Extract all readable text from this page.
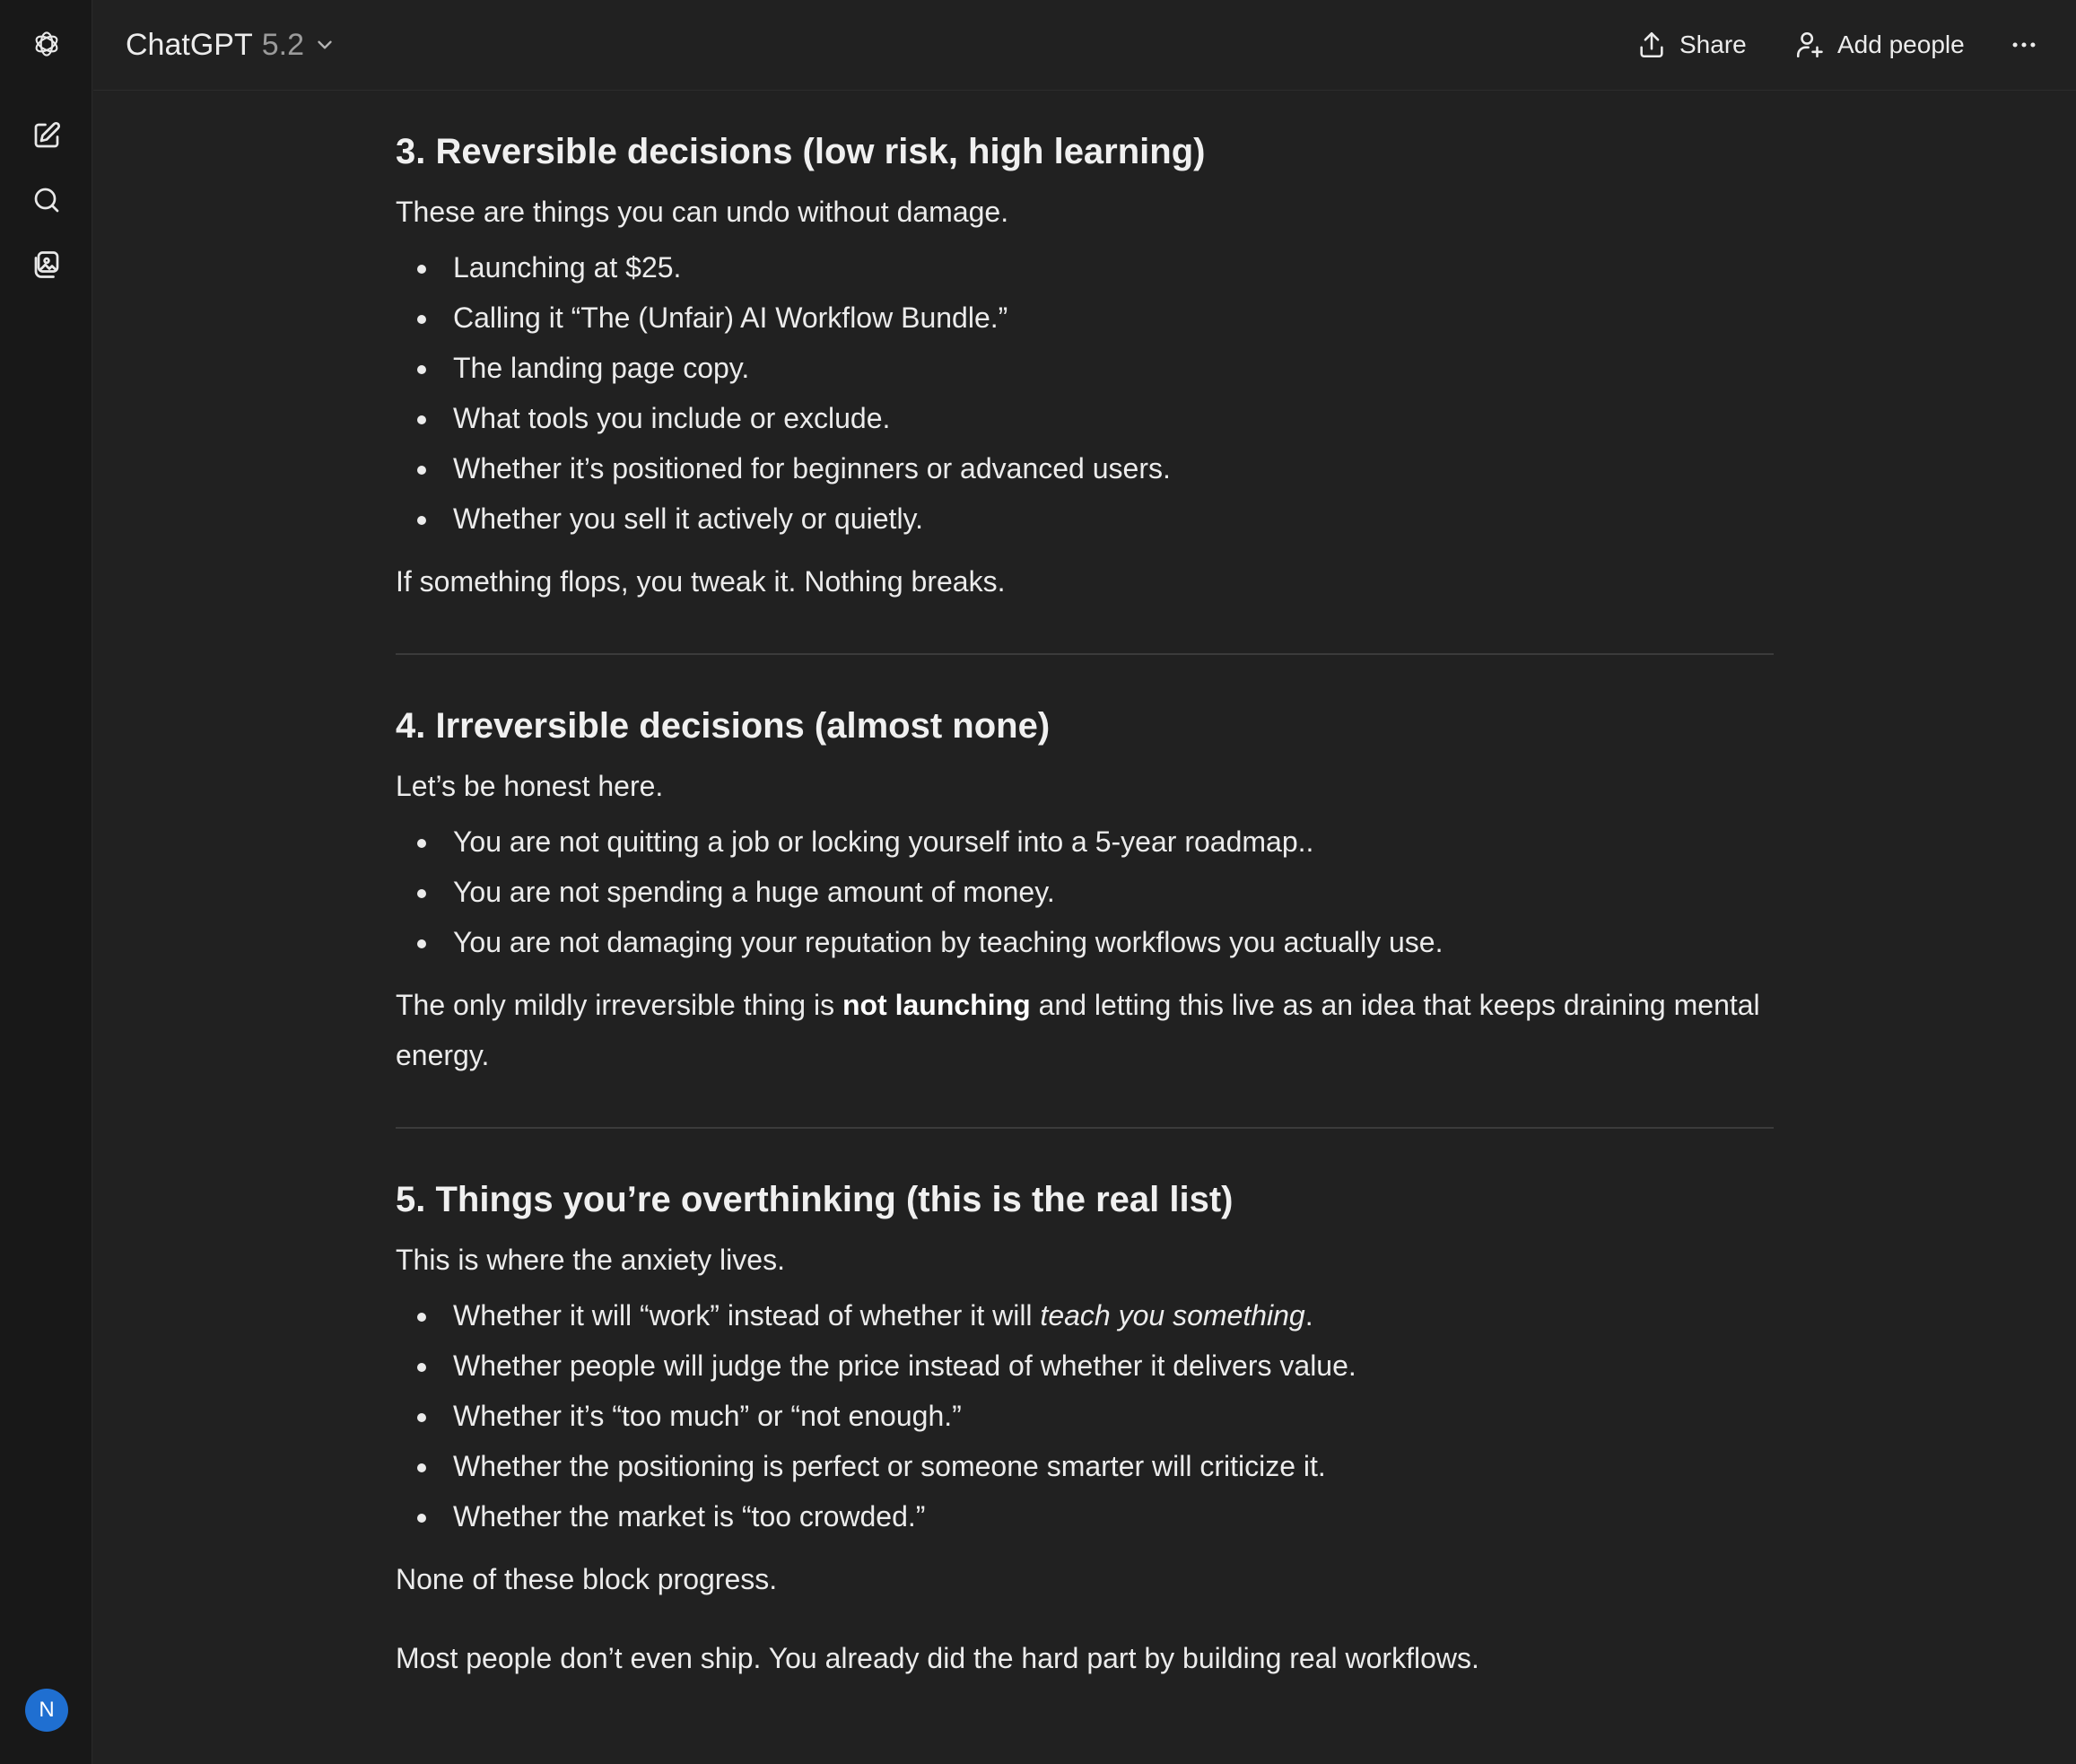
N
ChatGPT 5.2	Share	Add people
3. Reversible decisions (low risk, high learning)

These are things you can undo without damage.

Launching at $25.
Calling it “The (Unfair) AI Workflow Bundle.”
The landing page copy.
What tools you include or exclude.
Whether it’s positioned for beginners or advanced users.
Whether you sell it actively or quietly.

If something flops, you tweak it. Nothing breaks.

4. Irreversible decisions (almost none)

Let’s be honest here.

You are not quitting a job or locking yourself into a 5-year roadmap..
You are not spending a huge amount of money.
You are not damaging your reputation by teaching workflows you actually use.

The only mildly irreversible thing is not launching and letting this live as an idea that keeps draining mental energy.

5. Things you’re overthinking (this is the real list)

This is where the anxiety lives.

Whether it will “work” instead of whether it will teach you something.
Whether people will judge the price instead of whether it delivers value.
Whether it’s “too much” or “not enough.”
Whether the positioning is perfect or someone smarter will criticize it.
Whether the market is “too crowded.”

None of these block progress.

Most people don’t even ship. You already did the hard part by building real workflows.
